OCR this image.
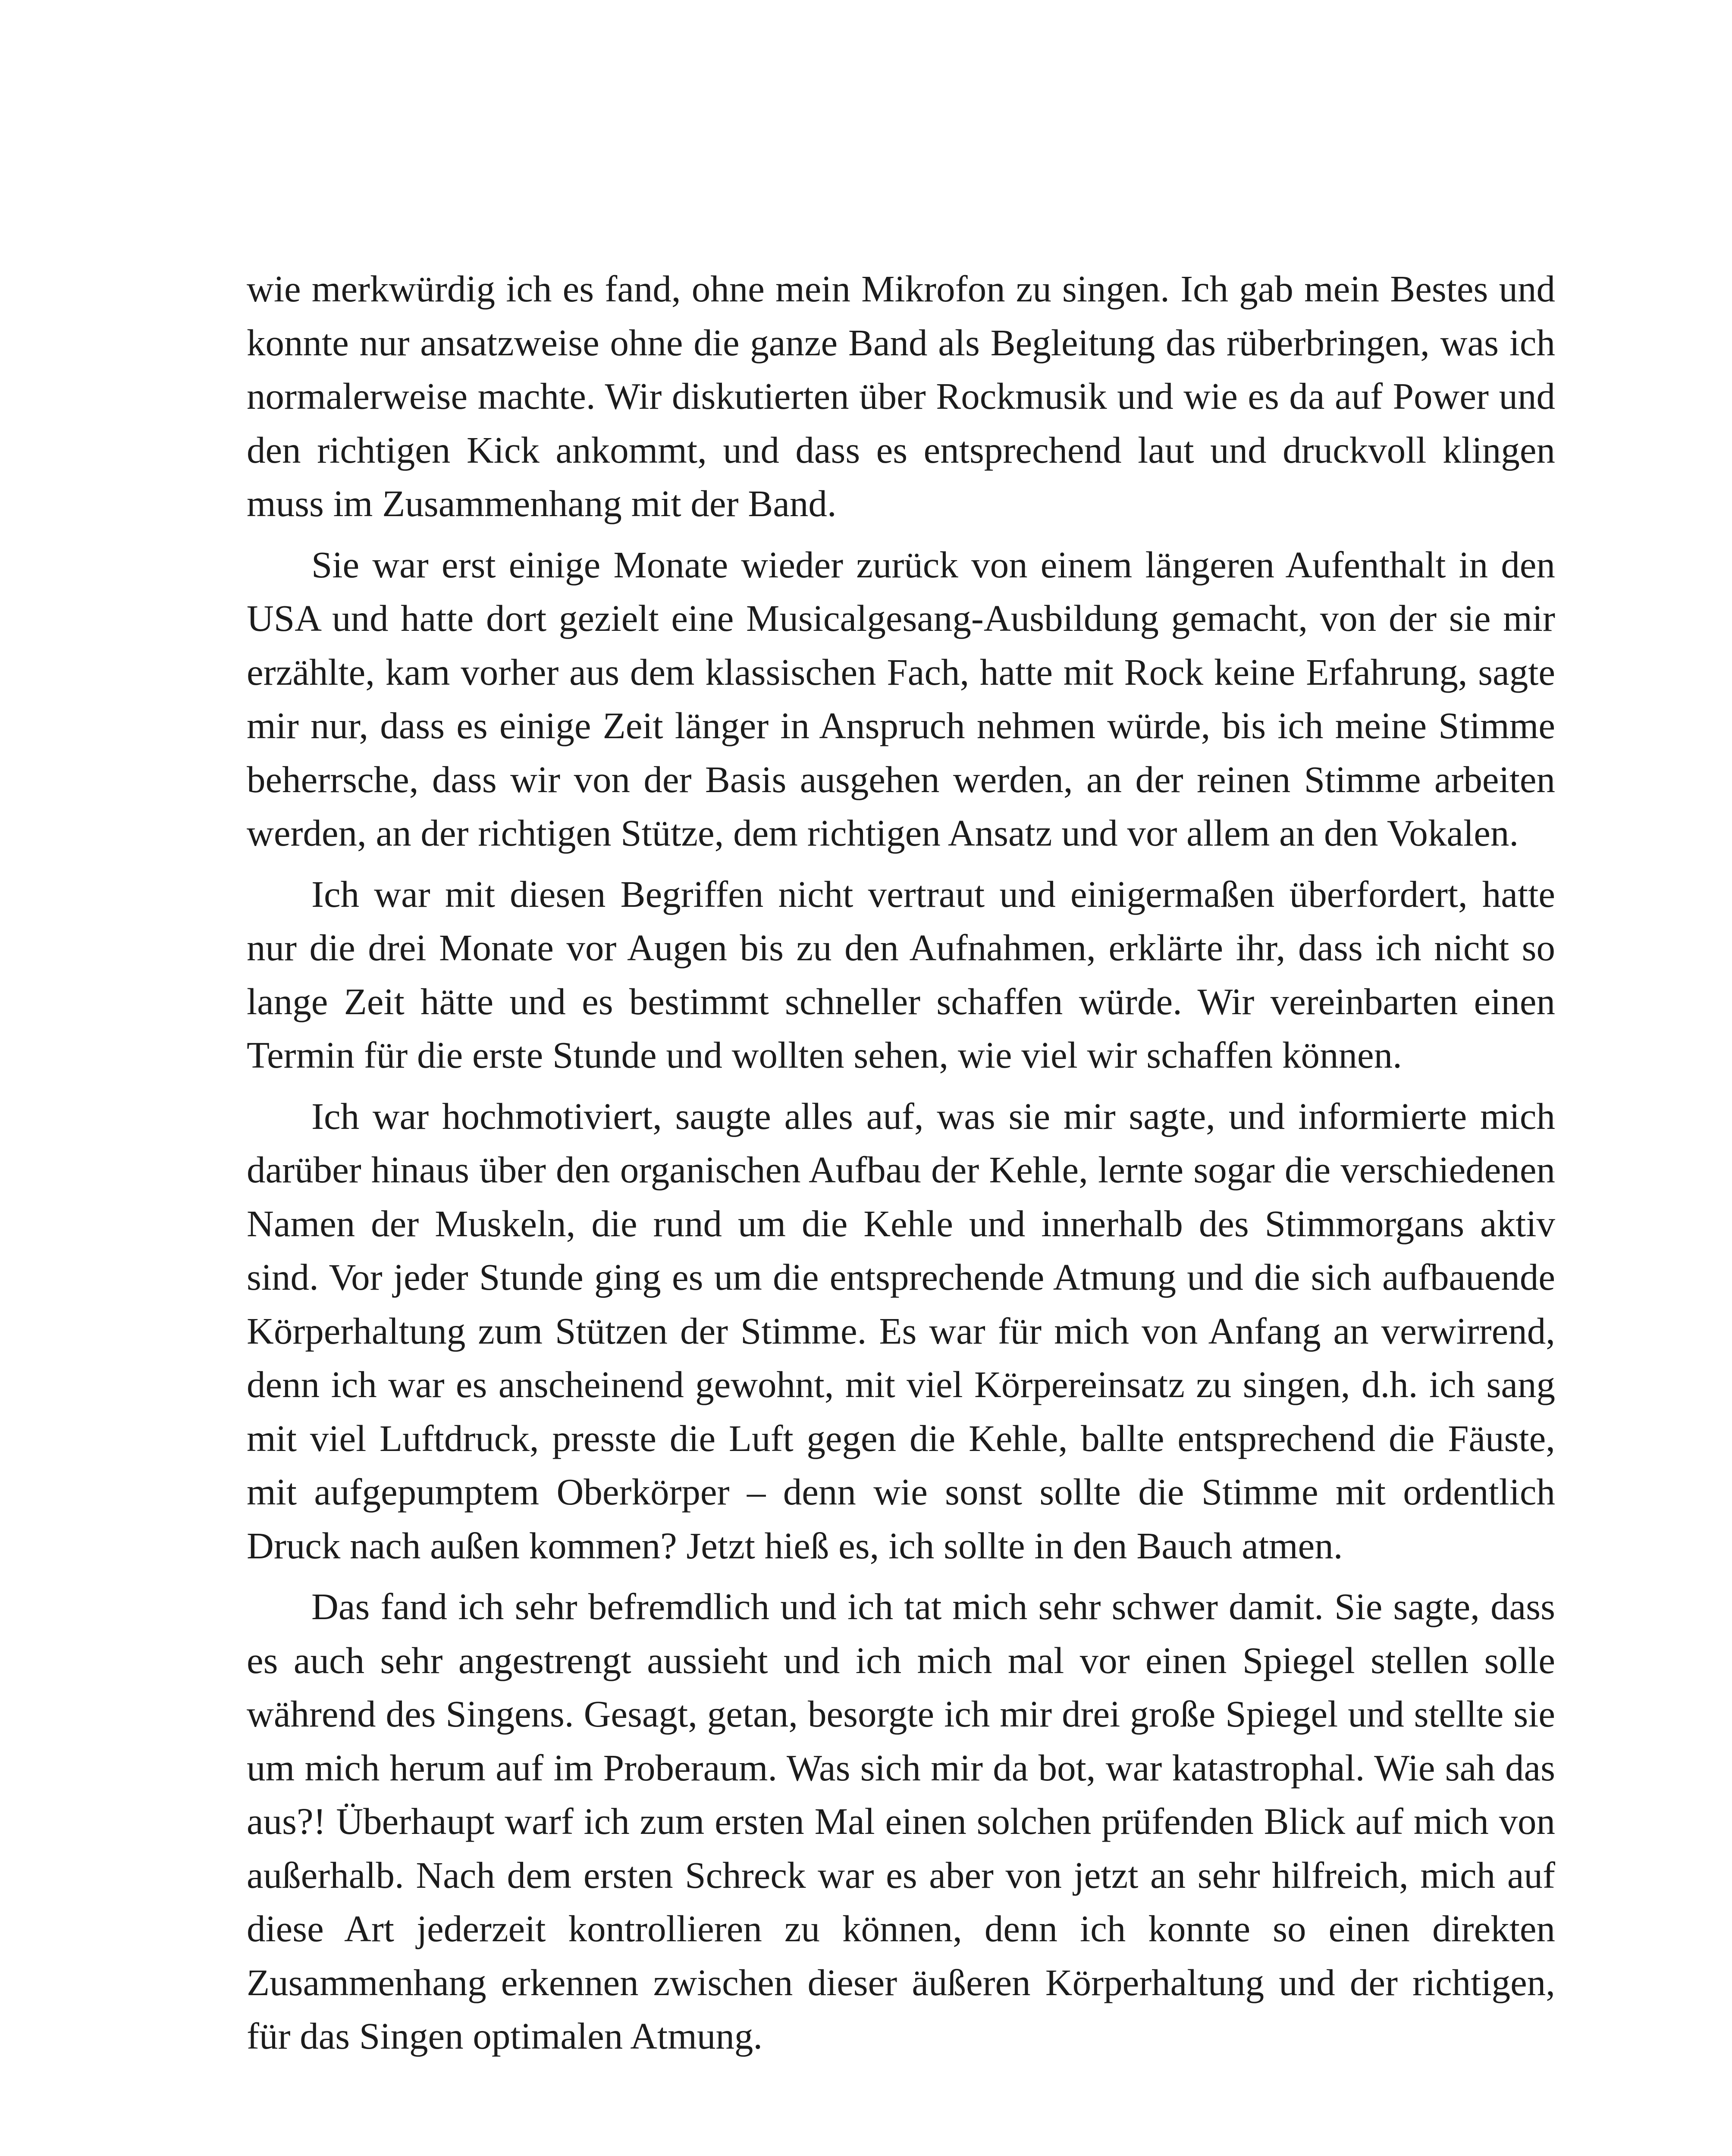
wie merkwürdig ich es fand, ohne mein Mikrofon zu singen. Ich gab mein Bestes und konnte nur ansatzweise ohne die ganze Band als Begleitung das rüberbringen, was ich normalerweise machte. Wir diskutierten über Rockmusik und wie es da auf Power und den richtigen Kick ankommt, und dass es entsprechend laut und druckvoll klingen muss im Zusammenhang mit der Band.

Sie war erst einige Monate wieder zurück von einem längeren Aufenthalt in den USA und hatte dort gezielt eine Musicalgesang-Ausbildung gemacht, von der sie mir erzählte, kam vorher aus dem klassischen Fach, hatte mit Rock keine Erfahrung, sagte mir nur, dass es einige Zeit länger in Anspruch nehmen würde, bis ich meine Stimme beherrsche, dass wir von der Basis ausgehen werden, an der reinen Stimme arbeiten werden, an der richtigen Stütze, dem richtigen Ansatz und vor allem an den Vokalen.

Ich war mit diesen Begriffen nicht vertraut und einigermaßen überfordert, hatte nur die drei Monate vor Augen bis zu den Aufnahmen, erklärte ihr, dass ich nicht so lange Zeit hätte und es bestimmt schneller schaffen würde. Wir vereinbarten einen Termin für die erste Stunde und wollten sehen, wie viel wir schaffen können.

Ich war hochmotiviert, saugte alles auf, was sie mir sagte, und informierte mich darüber hinaus über den organischen Aufbau der Kehle, lernte sogar die verschiedenen Namen der Muskeln, die rund um die Kehle und innerhalb des Stimmorgans aktiv sind. Vor jeder Stunde ging es um die entsprechende Atmung und die sich aufbauende Körperhaltung zum Stützen der Stimme. Es war für mich von Anfang an verwirrend, denn ich war es anscheinend gewohnt, mit viel Körpereinsatz zu singen, d.h. ich sang mit viel Luftdruck, presste die Luft gegen die Kehle, ballte entsprechend die Fäuste, mit aufgepumptem Oberkörper – denn wie sonst sollte die Stimme mit ordentlich Druck nach außen kommen? Jetzt hieß es, ich sollte in den Bauch atmen.

Das fand ich sehr befremdlich und ich tat mich sehr schwer damit. Sie sagte, dass es auch sehr angestrengt aussieht und ich mich mal vor einen Spiegel stellen solle während des Singens. Gesagt, getan, besorgte ich mir drei große Spiegel und stellte sie um mich herum auf im Proberaum. Was sich mir da bot, war katastrophal. Wie sah das aus?! Überhaupt warf ich zum ersten Mal einen solchen prüfenden Blick auf mich von außerhalb. Nach dem ersten Schreck war es aber von jetzt an sehr hilfreich, mich auf diese Art jederzeit kontrollieren zu können, denn ich konnte so einen direkten Zusammenhang erkennen zwischen dieser äußeren Körperhaltung und der richtigen, für das Singen optimalen Atmung.
